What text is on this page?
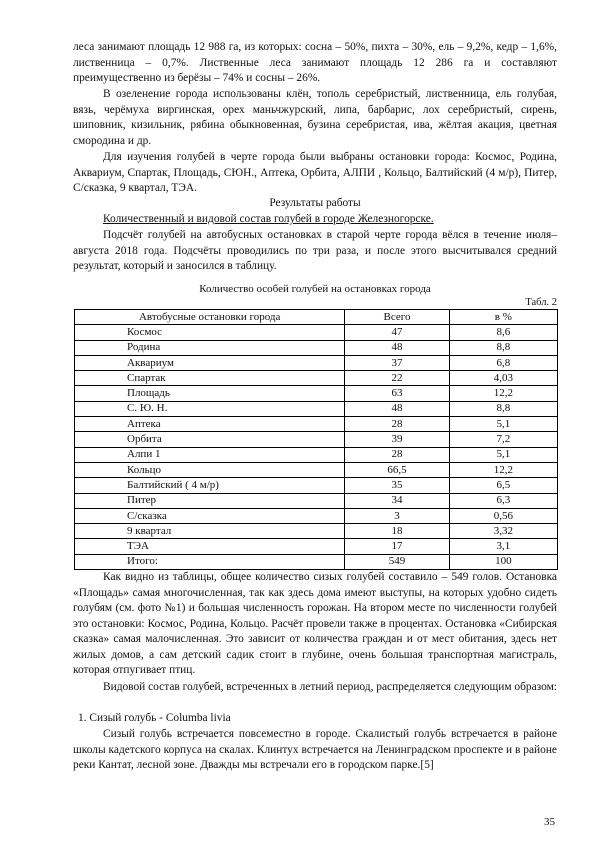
леса занимают площадь 12 988 га, из которых: сосна – 50%, пихта – 30%, ель – 9,2%, кедр – 1,6%, лиственница – 0,7%. Лиственные леса занимают площадь 12 286 га и составляют преимущественно из берёзы – 74% и сосны – 26%.

В озеленение города использованы клён, тополь серебристый, лиственница, ель голубая, вязь, черёмуха виргинская, орех маньчжурский, липа, барбарис, лох серебристый, сирень, шиповник, кизильник, рябина обыкновенная, бузина серебристая, ива, жёлтая акация, цветная смородина и др.

Для изучения голубей в черте города были выбраны остановки города: Космос, Родина, Аквариум, Спартак, Площадь, СЮН., Аптека, Орбита, АЛПИ , Кольцо, Балтийский (4 м/р), Питер, С/сказка, 9 квартал, ТЭА.

Результаты работы

Количественный и видовой состав голубей в городе Железногорске.

Подсчёт голубей на автобусных остановках в старой черте города вёлся в течение июля–августа 2018 года. Подсчёты проводились по три раза, и после этого высчитывался средний результат, который и заносился в таблицу.

Количество особей голубей на остановках города
Табл. 2
Автобусные остановки города	Всего	в %
Космос	47	8,6
Родина	48	8,8
Аквариум	37	6,8
Спартак	22	4,03
Площадь	63	12,2
С. Ю. Н.	48	8,8
Аптека	28	5,1
Орбита	39	7,2
Алпи 1	28	5,1
Кольцо	66,5	12,2
Балтийский ( 4 м/р)	35	6,5
Питер	34	6,3
С/сказка	3	0,56
9 квартал	18	3,32
ТЭА	17	3,1
Итого:	549	100

Как видно из таблицы, общее количество сизых голубей составило – 549 голов. Остановка «Площадь» самая многочисленная, так как здесь дома имеют выступы, на которых удобно сидеть голубям (см. фото №1) и большая численность горожан. На втором месте по численности голубей это остановки: Космос, Родина, Кольцо. Расчёт провели также в процентах. Остановка «Сибирская сказка» самая малочисленная. Это зависит от количества граждан и от мест обитания, здесь нет жилых домов, а сам детский садик стоит в глубине, очень большая транспортная магистраль, которая отпугивает птиц.

Видовой состав голубей, встреченных в летний период, распределяется следующим образом:

1. Сизый голубь - Columba livia

Сизый голубь встречается повсеместно в городе. Скалистый голубь встречается в районе школы кадетского корпуса на скалах. Клинтух встречается на Ленинградском проспекте и в районе реки Кантат, лесной зоне. Дважды мы встречали его в городском парке.[5]

35
